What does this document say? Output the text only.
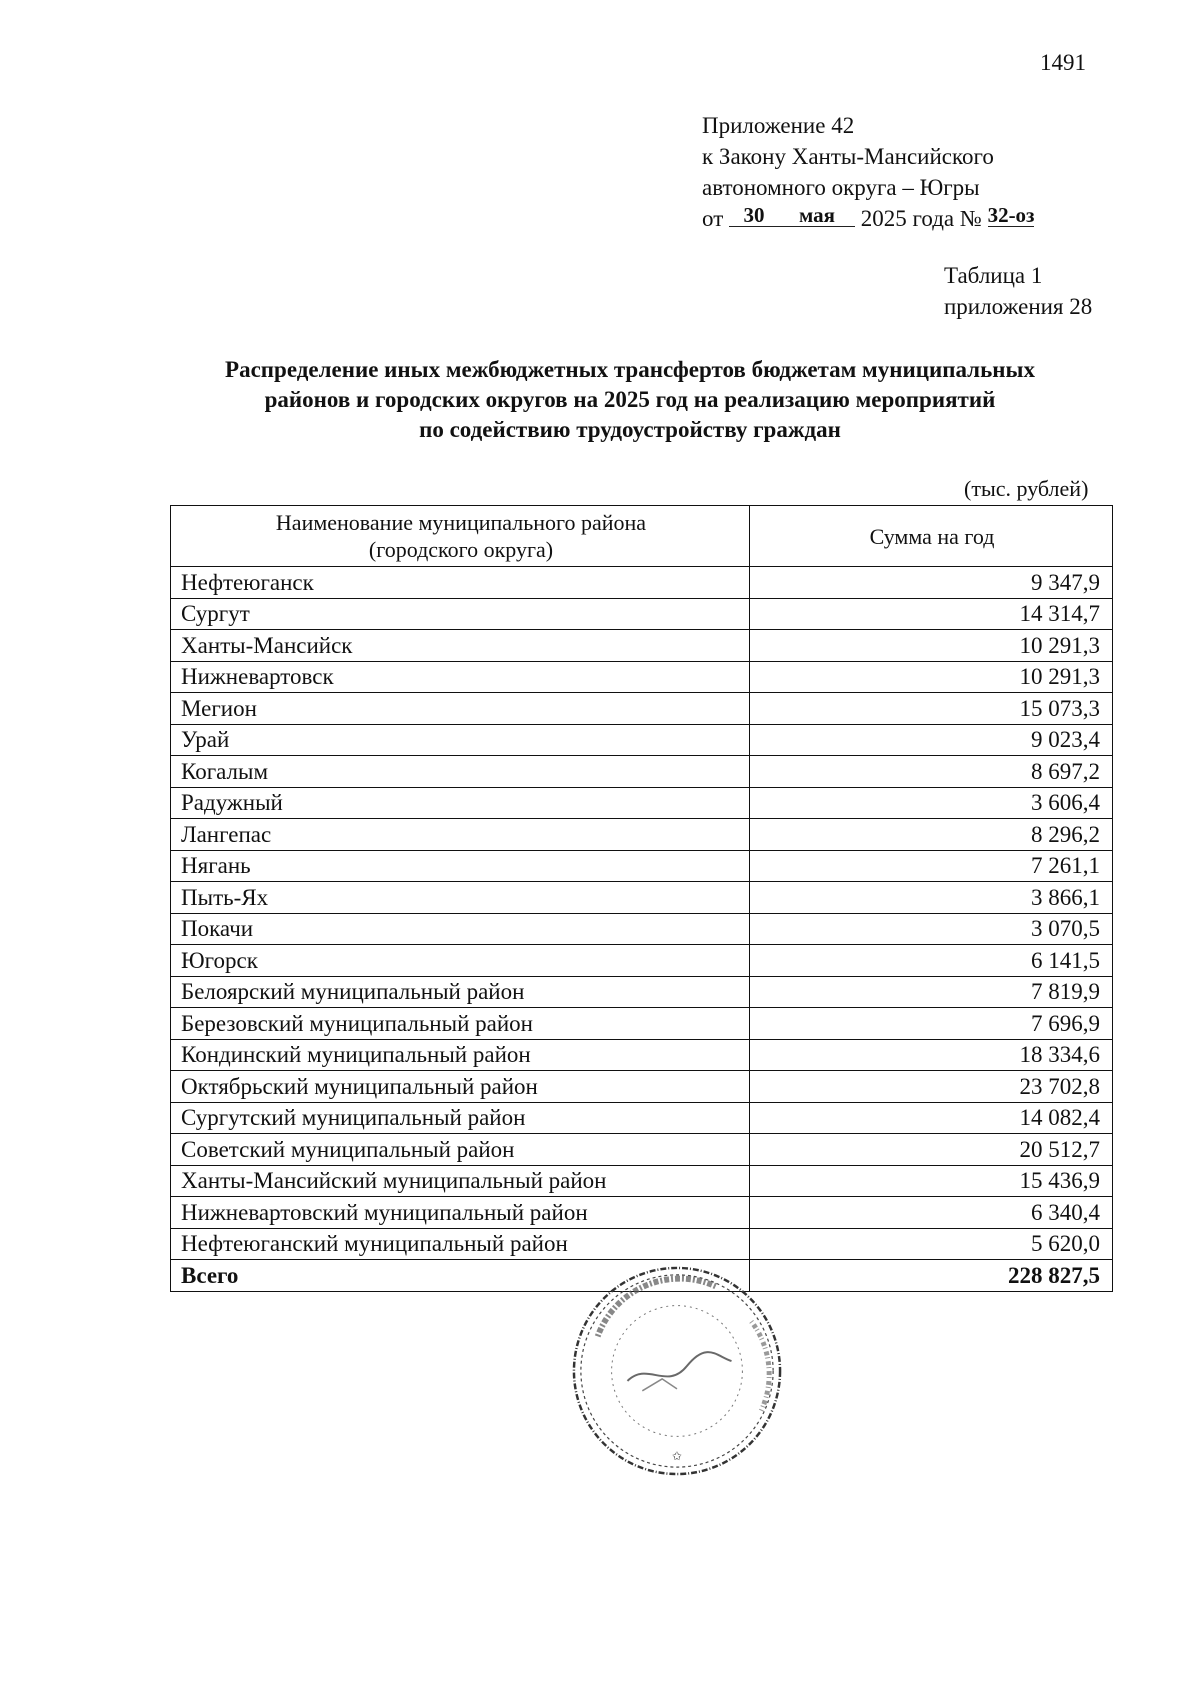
1491
Приложение 42
к Закону Ханты-Мансийского
автономного округа – Югры
от 30 мая 2025 года № 32-оз
Таблица 1
приложения 28
Распределение иных межбюджетных трансфертов бюджетам муниципальных
районов и городских округов на 2025 год на реализацию мероприятий
по содействию трудоустройству граждан
(тыс. рублей)
Наименование муниципального района
(городского округа)	Сумма на год
Нефтеюганск	9 347,9
Сургут	14 314,7
Ханты-Мансийск	10 291,3
Нижневартовск	10 291,3
Мегион	15 073,3
Урай	9 023,4
Когалым	8 697,2
Радужный	3 606,4
Лангепас	8 296,2
Нягань	7 261,1
Пыть-Ях	3 866,1
Покачи	3 070,5
Югорск	6 141,5
Белоярский муниципальный район	7 819,9
Березовский муниципальный район	7 696,9
Кондинский муниципальный район	18 334,6
Октябрьский муниципальный район	23 702,8
Сургутский муниципальный район	14 082,4
Советский муниципальный район	20 512,7
Ханты-Мансийский муниципальный район	15 436,9
Нижневартовский муниципальный район	6 340,4
Нефтеюганский муниципальный район	5 620,0
Всего	228 827,5
✩
